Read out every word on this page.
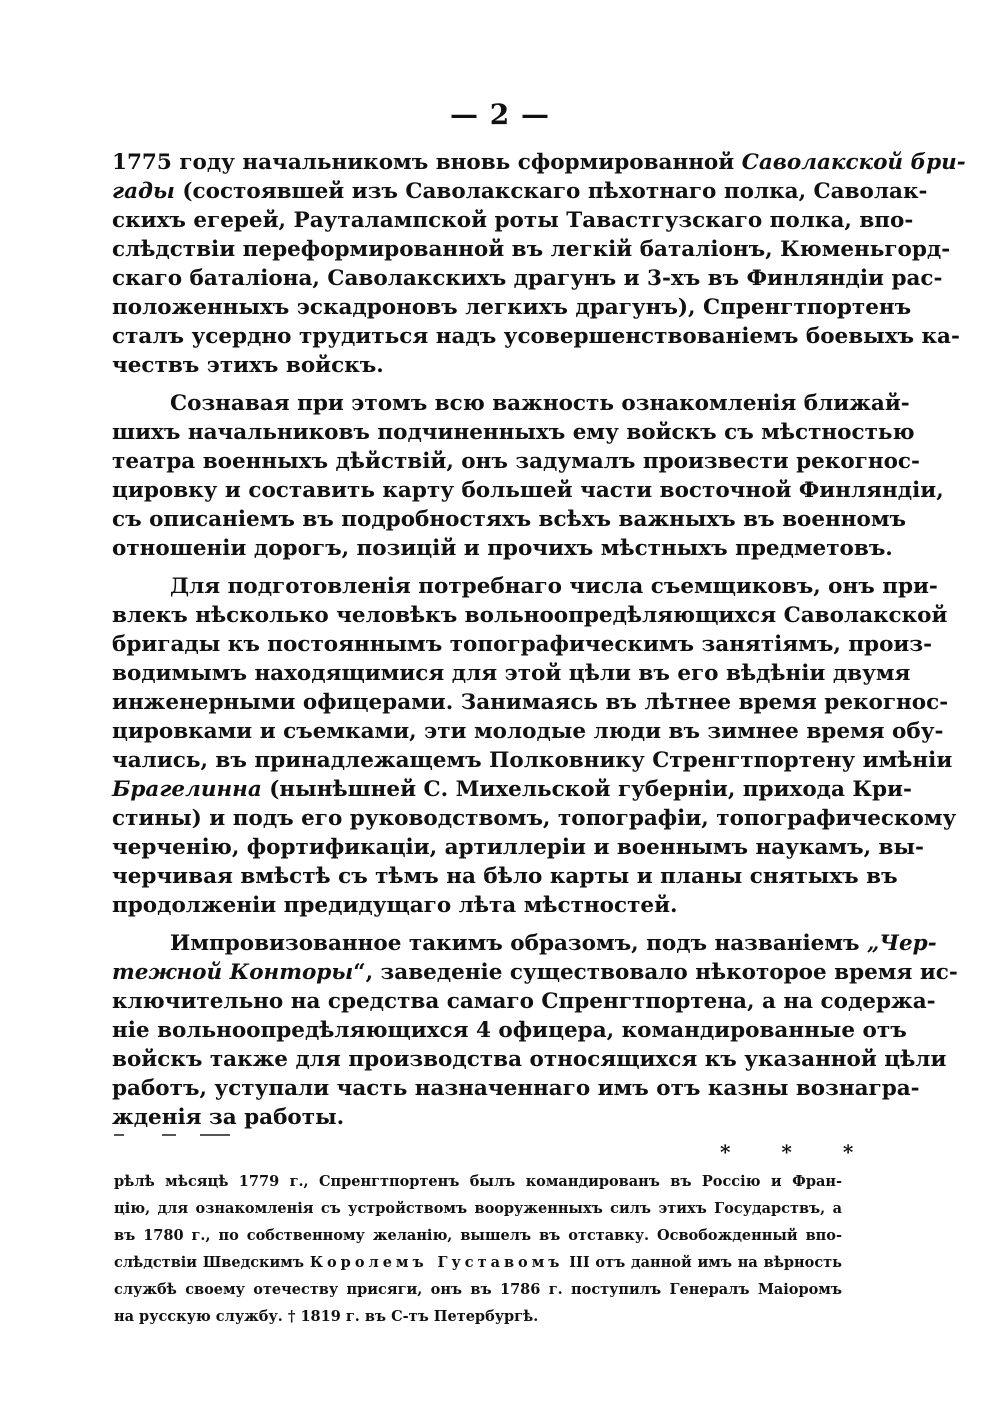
— 2 —
1775 году начальникомъ вновь сформированной Саволакской бри-
гады (состоявшей изъ Саволакскаго пѣхотнаго полка, Саволак-
скихъ егерей, Рауталампской роты Тавастгузскаго полка, впо-
слѣдствіи переформированной въ легкій баталіонъ, Кюменьгорд-
скаго баталіона, Саволакскихъ драгунъ и 3-хъ въ Финляндіи рас-
положенныхъ эскадроновъ легкихъ драгунъ), Спренгтпортенъ
сталъ усердно трудиться надъ усовершенствованіемъ боевыхъ ка-
чествъ этихъ войскъ.
Сознавая при этомъ всю важность ознакомленія ближай-
шихъ начальниковъ подчиненныхъ ему войскъ съ мѣстностью
театра военныхъ дѣйствій, онъ задумалъ произвести рекогнос-
цировку и составить карту большей части восточной Финляндіи,
съ описаніемъ въ подробностяхъ всѣхъ важныхъ въ военномъ
отношеніи дорогъ, позицій и прочихъ мѣстныхъ предметовъ.
Для подготовленія потребнаго числа съемщиковъ, онъ при-
влекъ нѣсколько человѣкъ вольноопредѣляющихся Саволакской
бригады къ постояннымъ топографическимъ занятіямъ, произ-
водимымъ находящимися для этой цѣли въ его вѣдѣніи двумя
инженерными офицерами. Занимаясь въ лѣтнее время рекогнос-
цировками и съемками, эти молодые люди въ зимнее время обу-
чались, въ принадлежащемъ Полковнику Стренгтпортену имѣніи
Брагелинна (нынѣшней С. Михельской губерніи, прихода Кри-
стины) и подъ его руководствомъ, топографіи, топографическому
черченію, фортификаціи, артиллеріи и военнымъ наукамъ, вы-
черчивая вмѣстѣ съ тѣмъ на бѣло карты и планы снятыхъ въ
продолженіи предидущаго лѣта мѣстностей.
Импровизованное такимъ образомъ, подъ названіемъ „Чер-
тежной Конторы“, заведеніе существовало нѣкоторое время ис-
ключительно на средства самаго Спренгтпортена, а на содержа-
ніе вольноопредѣляющихся 4 офицера, командированные отъ
войскъ также для производства относящихся къ указанной цѣли
работъ, уступали часть назначеннаго имъ отъ казны вознагра-
жденія за работы.
* * *
рѣлѣ мѣсяцѣ 1779 г., Спренгтпортенъ былъ командированъ въ Россію и Фран-
цію, для ознакомленія съ устройствомъ вооруженныхъ силъ этихъ Государствъ, а
въ 1780 г., по собственному желанію, вышелъ въ отставку. Освобожденный впо-
слѣдствіи Шведскимъ Королемъ Густавомъ III отъ данной имъ на вѣрность
службѣ своему отечеству присяги, онъ въ 1786 г. поступилъ Генералъ Маіоромъ
на русскую службу. † 1819 г. въ С-тъ Петербургѣ.
